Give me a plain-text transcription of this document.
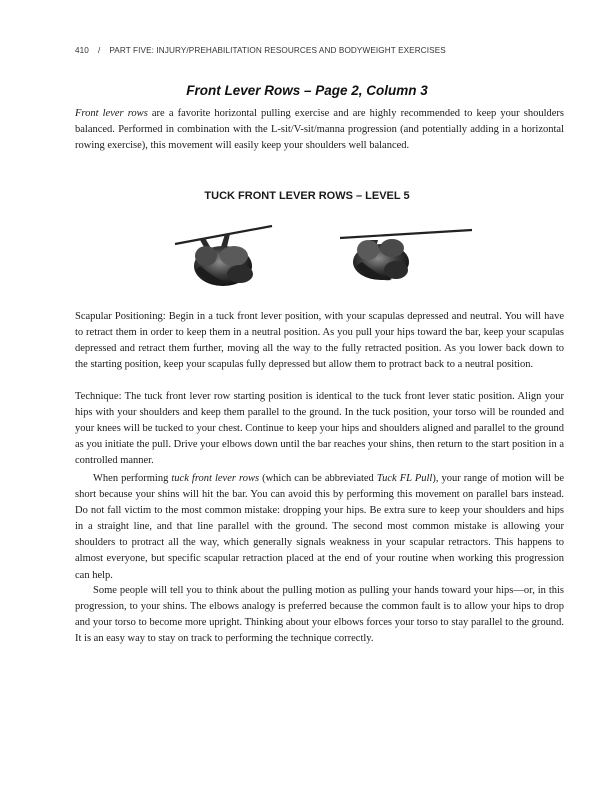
410 / PART FIVE: INJURY/PREHABILITATION RESOURCES AND BODYWEIGHT EXERCISES
Front Lever Rows – Page 2, Column 3

Front lever rows are a favorite horizontal pulling exercise and are highly recommended to keep your shoulders balanced. Performed in combination with the L-sit/V-sit/manna progression (and potentially adding in a horizontal rowing exercise), this movement will easily keep your shoulders well balanced.

TUCK FRONT LEVER ROWS – LEVEL 5

Scapular Positioning: Begin in a tuck front lever position, with your scapulas depressed and neutral. You will have to retract them in order to keep them in a neutral position. As you pull your hips toward the bar, keep your scapulas depressed and retract them further, moving all the way to the fully retracted position. As you lower back down to the starting position, keep your scapulas fully depressed but allow them to protract back to a neutral position.

Technique: The tuck front lever row starting position is identical to the tuck front lever static position. Align your hips with your shoulders and keep them parallel to the ground. In the tuck position, your torso will be rounded and your knees will be tucked to your chest. Continue to keep your hips and shoulders aligned and parallel to the ground as you initiate the pull. Drive your elbows down until the bar reaches your shins, then return to the start position in a controlled manner.

When performing tuck front lever rows (which can be abbreviated Tuck FL Pull), your range of motion will be short because your shins will hit the bar. You can avoid this by performing this movement on parallel bars instead. Do not fall victim to the most common mistake: dropping your hips. Be extra sure to keep your shoulders and hips in a straight line, and that line parallel with the ground. The second most common mistake is allowing your shoulders to protract all the way, which generally signals weakness in your scapular retractors. This happens to almost everyone, but specific scapular retraction placed at the end of your routine when working this progression can help.

Some people will tell you to think about the pulling motion as pulling your hands toward your hips—or, in this progression, to your shins. The elbows analogy is preferred because the common fault is to allow your hips to drop and your torso to become more upright. Thinking about your elbows forces your torso to stay parallel to the ground. It is an easy way to stay on track to performing the technique correctly.
